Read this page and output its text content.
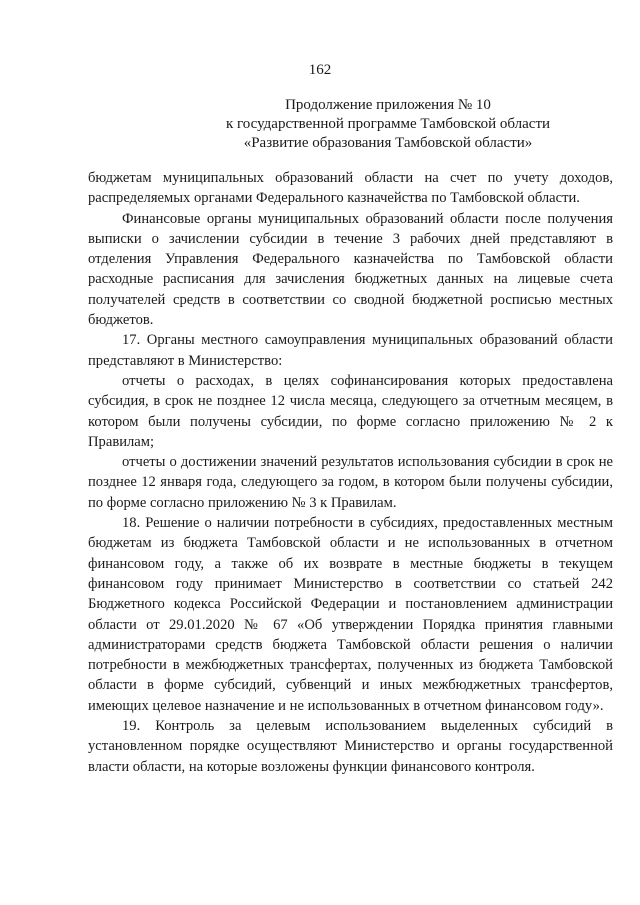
162
Продолжение приложения № 10
к государственной программе Тамбовской области
«Развитие образования Тамбовской области»

бюджетам муниципальных образований области на счет по учету доходов, распределяемых органами Федерального казначейства по Тамбовской области.

Финансовые органы муниципальных образований области после получения выписки о зачислении субсидии в течение 3 рабочих дней представляют в отделения Управления Федерального казначейства по Тамбовской области расходные расписания для зачисления бюджетных данных на лицевые счета получателей средств в соответствии со сводной бюджетной росписью местных бюджетов.

17. Органы местного самоуправления муниципальных образований области представляют в Министерство:

отчеты о расходах, в целях софинансирования которых предоставлена субсидия, в срок не позднее 12 числа месяца, следующего за отчетным месяцем, в котором были получены субсидии, по форме согласно приложению № 2 к Правилам;

отчеты о достижении значений результатов использования субсидии в срок не позднее 12 января года, следующего за годом, в котором были получены субсидии, по форме согласно приложению № 3 к Правилам.

18. Решение о наличии потребности в субсидиях, предоставленных местным бюджетам из бюджета Тамбовской области и не использованных в отчетном финансовом году, а также об их возврате в местные бюджеты в текущем финансовом году принимает Министерство в соответствии со статьей 242 Бюджетного кодекса Российской Федерации и постановлением администрации области от 29.01.2020 № 67 «Об утверждении Порядка принятия главными администраторами средств бюджета Тамбовской области решения о наличии потребности в межбюджетных трансфертах, полученных из бюджета Тамбовской области в форме субсидий, субвенций и иных межбюджетных трансфертов, имеющих целевое назначение и не использованных в отчетном финансовом году».

19. Контроль за целевым использованием выделенных субсидий в установленном порядке осуществляют Министерство и органы государственной власти области, на которые возложены функции финансового контроля.
